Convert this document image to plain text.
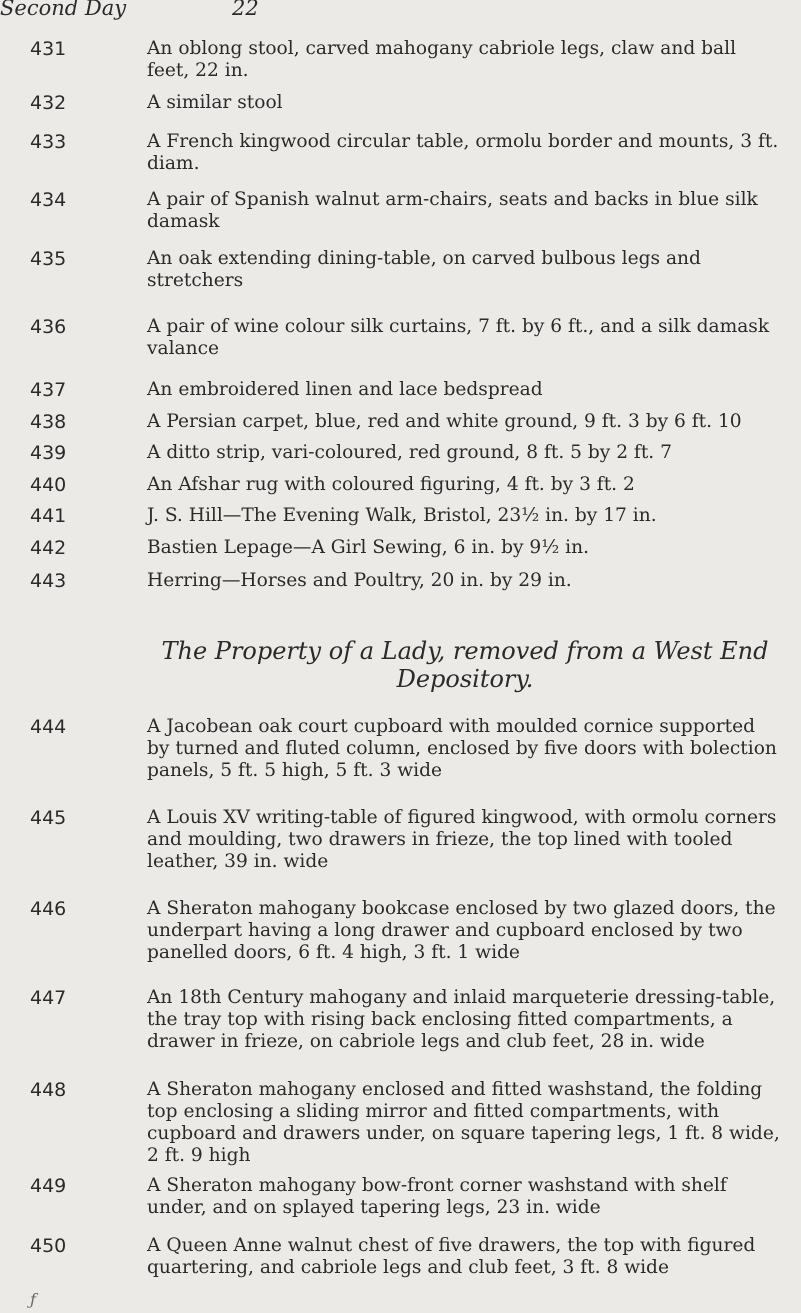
Second Day	22
431	An oblong stool, carved mahogany cabriole legs, claw and ball feet, 22 in.
432	A similar stool
433	A French kingwood circular table, ormolu border and mounts, 3 ft. diam.
434	A pair of Spanish walnut arm-chairs, seats and backs in blue silk damask
435	An oak extending dining-table, on carved bulbous legs and stretchers
436	A pair of wine colour silk curtains, 7 ft. by 6 ft., and a silk damask valance
437	An embroidered linen and lace bedspread
438	A Persian carpet, blue, red and white ground, 9 ft. 3 by 6 ft. 10
439	A ditto strip, vari-coloured, red ground, 8 ft. 5 by 2 ft. 7
440	An Afshar rug with coloured figuring, 4 ft. by 3 ft. 2
441	J. S. Hill—The Evening Walk, Bristol, 23½ in. by 17 in.
442	Bastien Lepage—A Girl Sewing, 6 in. by 9½ in.
443	Herring—Horses and Poultry, 20 in. by 29 in.
The Property of a Lady, removed from a West End
Depository.
444	A Jacobean oak court cupboard with moulded cornice supported by turned and fluted column, enclosed by five doors with bolection panels, 5 ft. 5 high, 5 ft. 3 wide
445	A Louis XV writing-table of figured kingwood, with ormolu corners and moulding, two drawers in frieze, the top lined with tooled leather, 39 in. wide
446	A Sheraton mahogany bookcase enclosed by two glazed doors, the underpart having a long drawer and cupboard enclosed by two panelled doors, 6 ft. 4 high, 3 ft. 1 wide
447	An 18th Century mahogany and inlaid marqueterie dressing-table, the tray top with rising back enclosing fitted compartments, a drawer in frieze, on cabriole legs and club feet, 28 in. wide
448	A Sheraton mahogany enclosed and fitted washstand, the folding top enclosing a sliding mirror and fitted compartments, with cupboard and drawers under, on square tapering legs, 1 ft. 8 wide, 2 ft. 9 high
449	A Sheraton mahogany bow-front corner washstand with shelf under, and on splayed tapering legs, 23 in. wide
450	A Queen Anne walnut chest of five drawers, the top with figured quartering, and cabriole legs and club feet, 3 ft. 8 wide
ƒ
